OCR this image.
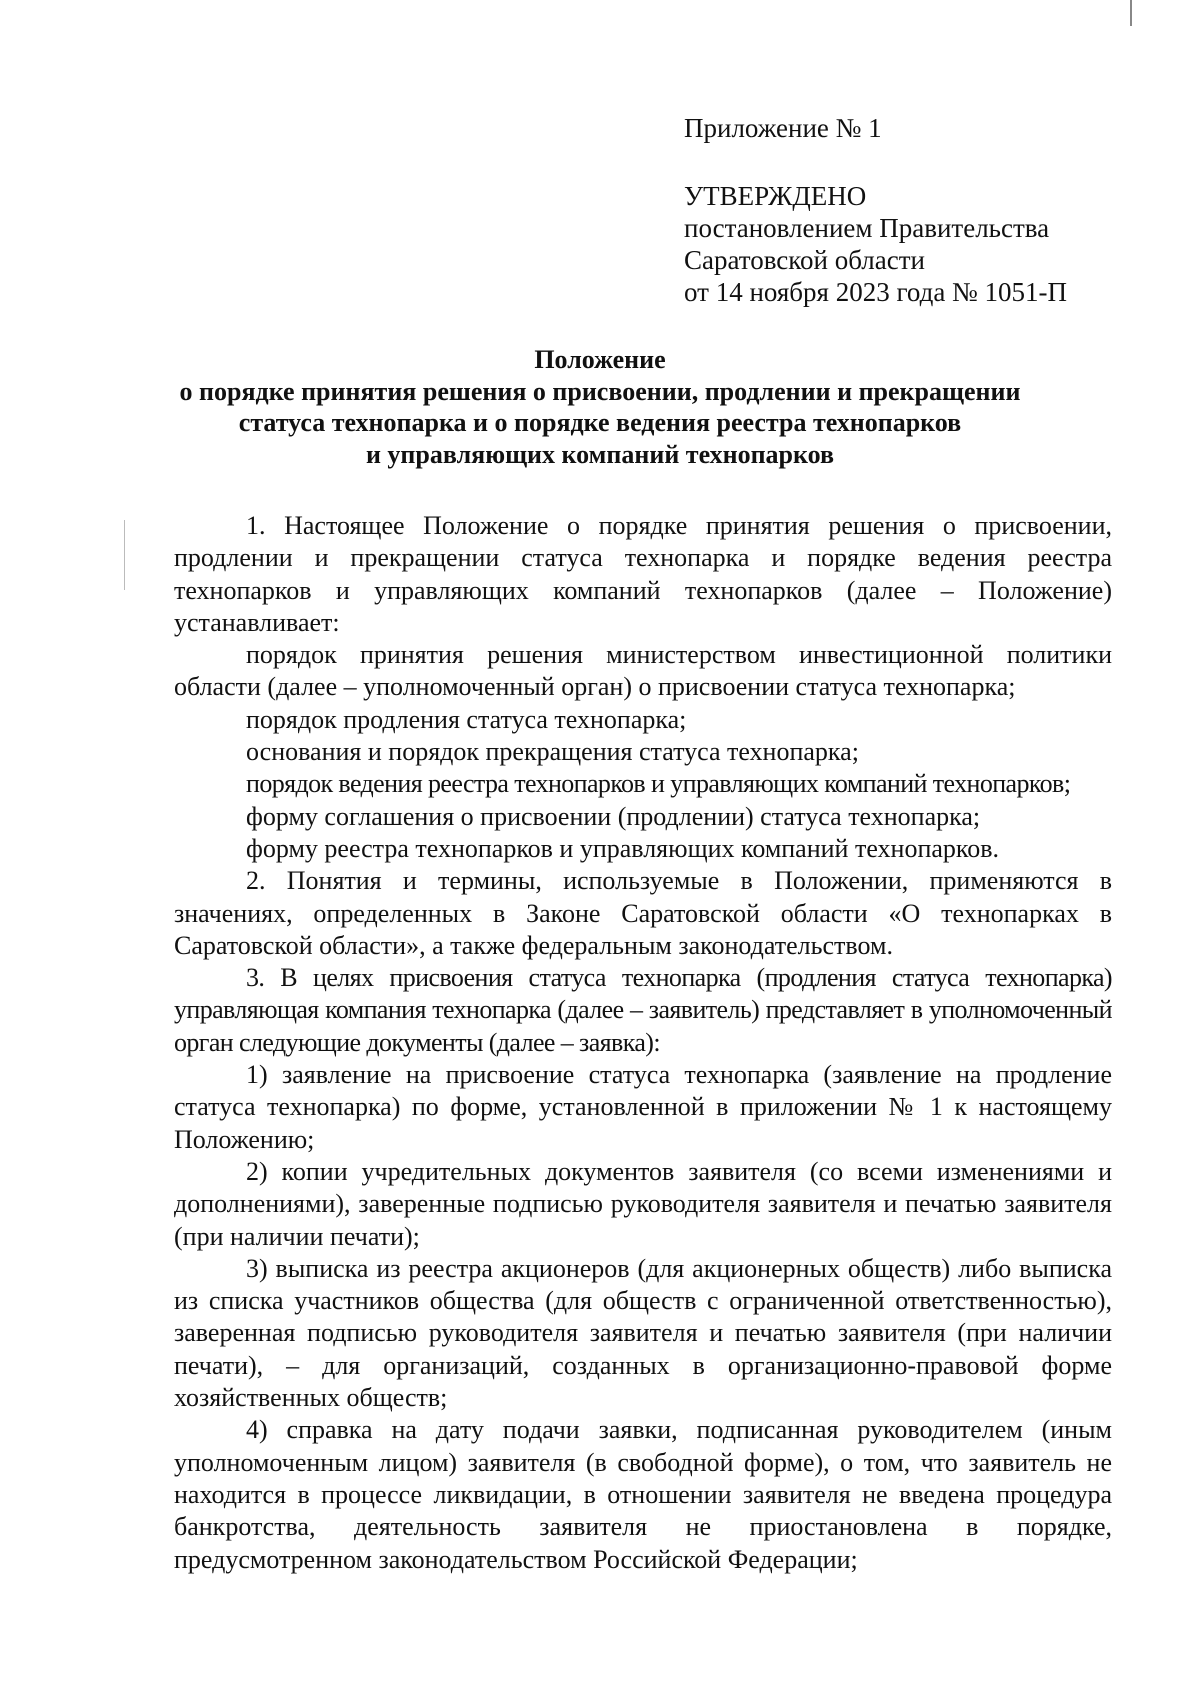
Приложение № 1
УТВЕРЖДЕНО
постановлением Правительства
Саратовской области
от 14 ноября 2023 года № 1051-П
Положение
о порядке принятия решения о присвоении, продлении и прекращении
статуса технопарка и о порядке ведения реестра технопарков
и управляющих компаний технопарков

1. Настоящее Положение о порядке принятия решения о присвоении, продлении и прекращении статуса технопарка и порядке ведения реестра технопарков и управляющих компаний технопарков (далее – Положение) устанавливает:

порядок принятия решения министерством инвестиционной политики области (далее – уполномоченный орган) о присвоении статуса технопарка;

порядок продления статуса технопарка;

основания и порядок прекращения статуса технопарка;

порядок ведения реестра технопарков и управляющих компаний технопарков;

форму соглашения о присвоении (продлении) статуса технопарка;

форму реестра технопарков и управляющих компаний технопарков.

2. Понятия и термины, используемые в Положении, применяются в значениях, определенных в Законе Саратовской области «О технопарках в Саратовской области», а также федеральным законодательством.

3. В целях присвоения статуса технопарка (продления статуса технопарка) управляющая компания технопарка (далее – заявитель) представляет в уполномоченный орган следующие документы (далее – заявка):

1) заявление на присвоение статуса технопарка (заявление на продление статуса технопарка) по форме, установленной в приложении № 1 к настоящему Положению;

2) копии учредительных документов заявителя (со всеми изменениями и дополнениями), заверенные подписью руководителя заявителя и печатью заявителя (при наличии печати);

3) выписка из реестра акционеров (для акционерных обществ) либо выписка из списка участников общества (для обществ с ограниченной ответственностью), заверенная подписью руководителя заявителя и печатью заявителя (при наличии печати), – для организаций, созданных в организационно-правовой форме хозяйственных обществ;

4) справка на дату подачи заявки, подписанная руководителем (иным уполномоченным лицом) заявителя (в свободной форме), о том, что заявитель не находится в процессе ликвидации, в отношении заявителя не введена процедура банкротства, деятельность заявителя не приостановлена в порядке, предусмотренном законодательством Российской Федерации;
